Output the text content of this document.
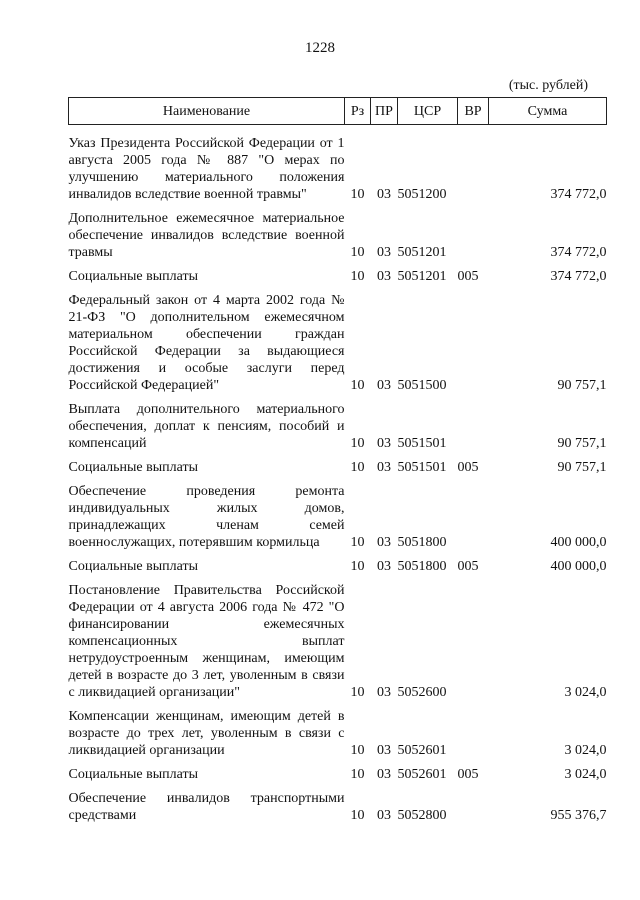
1228
(тыс. рублей)
Наименование	Рз	ПР	ЦСР	ВР	Сумма

Указ Президента Российской Федерации от 1 августа 2005 года № 887 "О мерах по улучшению материального положения инвалидов вследствие военной травмы"	10	03	5051200		374 772,0

Дополнительное ежемесячное материальное обеспечение инвалидов вследствие военной травмы	10	03	5051201		374 772,0

Социальные выплаты	10	03	5051201	005	374 772,0

Федеральный закон от 4 марта 2002 года № 21-ФЗ "О дополнительном ежемесячном материальном обеспечении граждан Российской Федерации за выдающиеся достижения и особые заслуги перед Российской Федерацией"	10	03	5051500		90 757,1

Выплата дополнительного материального обеспечения, доплат к пенсиям, пособий и компенсаций	10	03	5051501		90 757,1

Социальные выплаты	10	03	5051501	005	90 757,1

Обеспечение проведения ремонта индивидуальных жилых домов, принадлежащих членам семей военнослужащих, потерявшим кормильца	10	03	5051800		400 000,0

Социальные выплаты	10	03	5051800	005	400 000,0

Постановление Правительства Российской Федерации от 4 августа 2006 года № 472 "О финансировании ежемесячных компенсационных выплат нетрудоустроенным женщинам, имеющим детей в возрасте до 3 лет, уволенным в связи с ликвидацией организации"	10	03	5052600		3 024,0

Компенсации женщинам, имеющим детей в возрасте до трех лет, уволенным в связи с ликвидацией организации	10	03	5052601		3 024,0

Социальные выплаты	10	03	5052601	005	3 024,0

Обеспечение инвалидов транспортными средствами	10	03	5052800		955 376,7
